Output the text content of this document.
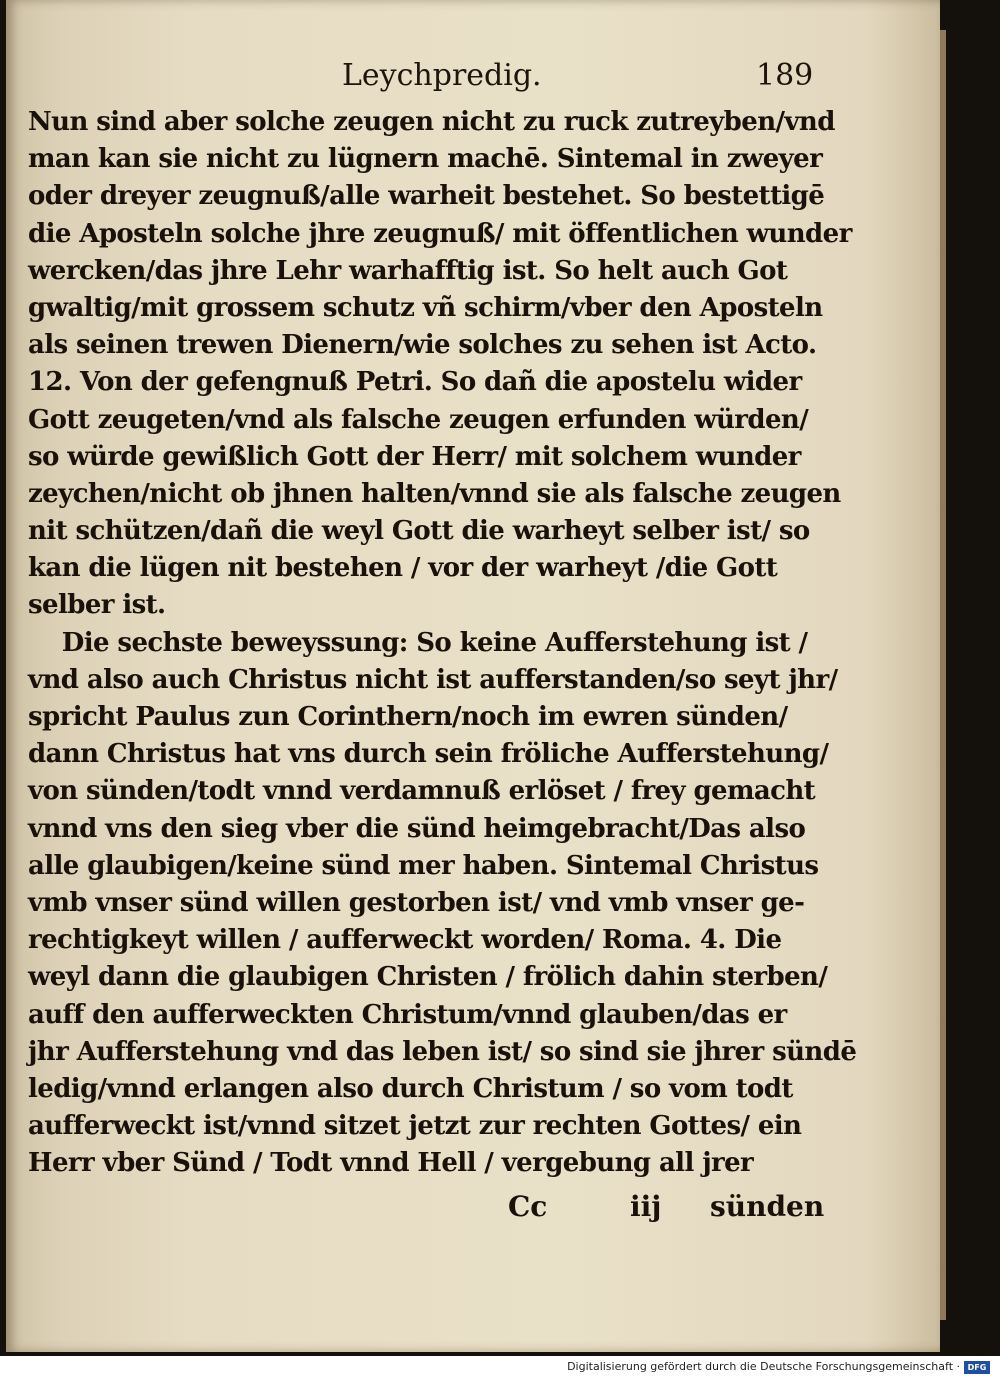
Leychpredig.	189
Nun sind aber solche zeugen nicht zu ruck zutreyben/vnd
man kan sie nicht zu lügnern machē. Sintemal in zweyer
oder dreyer zeugnuß/alle warheit bestehet. So bestettigē
die Aposteln solche jhre zeugnuß/ mit öffentlichen wunder
wercken/das jhre Lehr warhafftig ist. So helt auch Got
gwaltig/mit grossem schutz vñ schirm/vber den Aposteln
als seinen trewen Dienern/wie solches zu sehen ist Acto.
12. Von der gefengnuß Petri. So dañ die apostelu wider
Gott zeugeten/vnd als falsche zeugen erfunden würden/
so würde gewißlich Gott der Herr/ mit solchem wunder
zeychen/nicht ob jhnen halten/vnnd sie als falsche zeugen
nit schützen/dañ die weyl Gott die warheyt selber ist/ so
kan die lügen nit bestehen / vor der warheyt /die Gott
selber ist.
Die sechste beweyssung: So keine Aufferstehung ist /
vnd also auch Christus nicht ist aufferstanden/so seyt jhr/
spricht Paulus zun Corinthern/noch im ewren sünden/
dann Christus hat vns durch sein fröliche Aufferstehung/
von sünden/todt vnnd verdamnuß erlöset / frey gemacht
vnnd vns den sieg vber die sünd heimgebracht/Das also
alle glaubigen/keine sünd mer haben. Sintemal Christus
vmb vnser sünd willen gestorben ist/ vnd vmb vnser ge-
rechtigkeyt willen / aufferweckt worden/ Roma. 4. Die
weyl dann die glaubigen Christen / frölich dahin sterben/
auff den aufferweckten Christum/vnnd glauben/das er
jhr Aufferstehung vnd das leben ist/ so sind sie jhrer sündē
ledig/vnnd erlangen also durch Christum / so vom todt
aufferweckt ist/vnnd sitzet jetzt zur rechten Gottes/ ein
Herr vber Sünd / Todt vnnd Hell / vergebung all jrer
Cc	iij sünden
Digitalisierung gefördert durch die Deutsche Forschungsgemeinschaft · DFG
